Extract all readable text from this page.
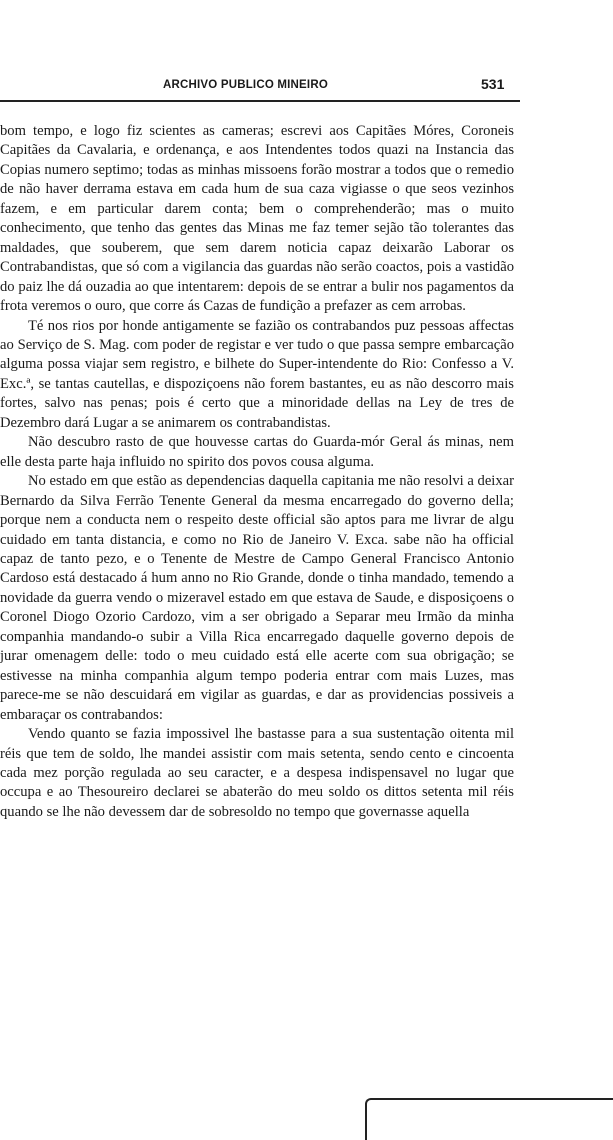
ARCHIVO PUBLICO MINEIRO	531

bom tempo, e logo fiz scientes as cameras; escrevi aos Capitães Móres, Coroneis Capitães da Cavalaria, e ordenança, e aos Intendentes todos quazi na Instancia das Copias numero septimo; todas as minhas missoens forão mostrar a todos que o remedio de não haver derrama estava em cada hum de sua caza vigiasse o que seos vezinhos fazem, e em particular darem conta; bem o comprehenderão; mas o muito conhecimento, que tenho das gentes das Minas me faz temer sejão tão tolerantes das maldades, que souberem, que sem darem noticia capaz deixarão Laborar os Contrabandistas, que só com a vigilancia das guardas não serão coactos, pois a vastidão do paiz lhe dá ouzadia ao que intentarem: depois de se entrar a bulir nos pagamentos da frota veremos o ouro, que corre ás Cazas de fundição a prefazer as cem arrobas.

Té nos rios por honde antigamente se fazião os contrabandos puz pessoas affectas ao Serviço de S. Mag. com poder de registar e ver tudo o que passa sempre embarcação alguma possa viajar sem registro, e bilhete do Super-intendente do Rio: Confesso a V. Exc.ª, se tantas cautellas, e dispoziçoens não forem bastantes, eu as não descorro mais fortes, salvo nas penas; pois é certo que a minoridade dellas na Ley de tres de Dezembro dará Lugar a se animarem os contrabandistas.

Não descubro rasto de que houvesse cartas do Guarda-mór Geral ás minas, nem elle desta parte haja influido no spirito dos povos cousa alguma.

No estado em que estão as dependencias daquella capitania me não resolvi a deixar Bernardo da Silva Ferrão Tenente General da mesma encarregado do governo della; porque nem a conducta nem o respeito deste official são aptos para me livrar de algu cuidado em tanta distancia, e como no Rio de Janeiro V. Exca. sabe não ha official capaz de tanto pezo, e o Tenente de Mestre de Campo General Francisco Antonio Cardoso está destacado á hum anno no Rio Grande, donde o tinha mandado, temendo a novidade da guerra vendo o mizeravel estado em que estava de Saude, e disposiçoens o Coronel Diogo Ozorio Cardozo, vim a ser obrigado a Separar meu Irmão da minha companhia mandando-o subir a Villa Rica encarregado daquelle governo depois de jurar omenagem delle: todo o meu cuidado está elle acerte com sua obrigação; se estivesse na minha companhia algum tempo poderia entrar com mais Luzes, mas parece-me se não descuidará em vigilar as guardas, e dar as providencias possiveis a embaraçar os contrabandos:

Vendo quanto se fazia impossivel lhe bastasse para a sua sustentação oitenta mil réis que tem de soldo, lhe mandei assistir com mais setenta, sendo cento e cincoenta cada mez porção regulada ao seu caracter, e a despesa indispensavel no lugar que occupa e ao Thesoureiro declarei se abaterão do meu soldo os dittos setenta mil réis quando se lhe não devessem dar de sobresoldo no tempo que governasse aquella
